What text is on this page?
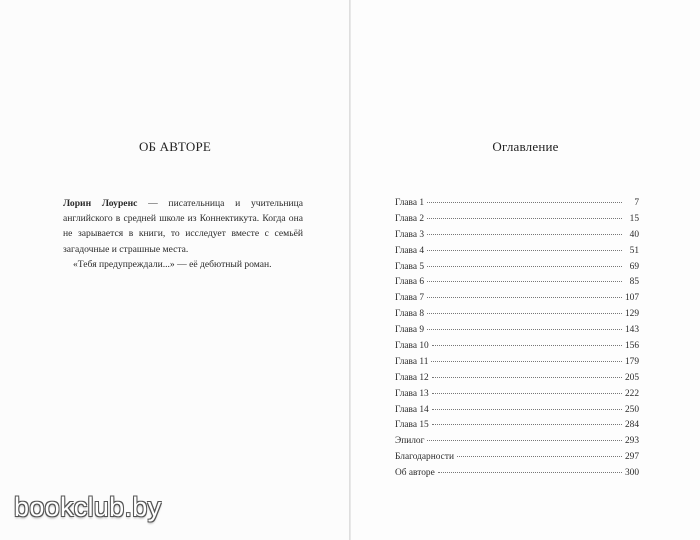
ОБ АВТОРЕ

Лорин Лоуренс — писательница и учительница английского в средней школе из Коннектикута. Когда она не зарывается в книги, то исследует вместе с семьёй загадочные и страшные места.

«Тебя предупреждали...» — её дебютный роман.

Оглавление
Глава 1	7
Глава 2	15
Глава 3	40
Глава 4	51
Глава 5	69
Глава 6	85
Глава 7	107
Глава 8	129
Глава 9	143
Глава 10	156
Глава 11	179
Глава 12	205
Глава 13	222
Глава 14	250
Глава 15	284
Эпилог	293
Благодарности	297
Об авторе	300
bookclub.by
